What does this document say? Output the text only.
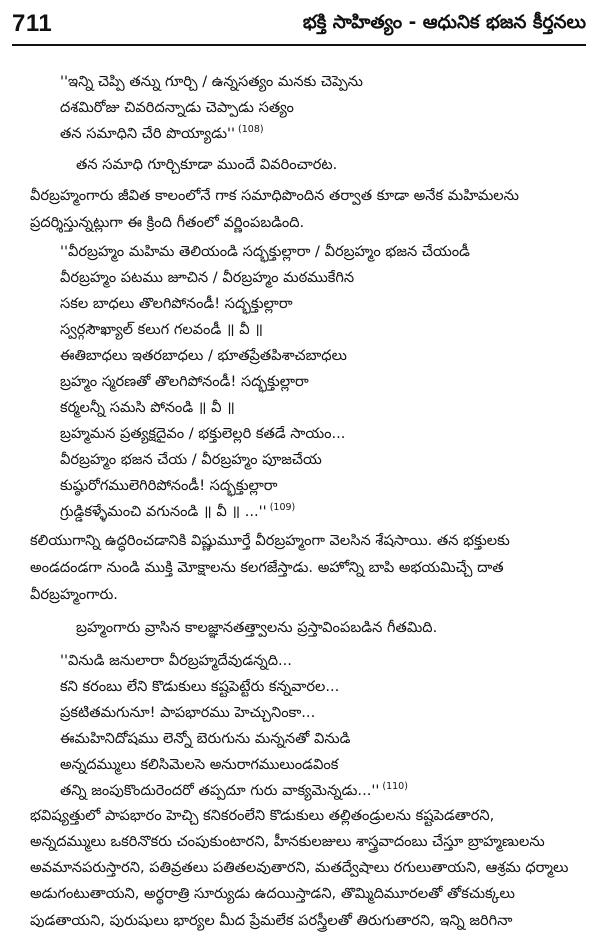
711	భక్తి సాహిత్యం - ఆధునిక భజన కీర్తనలు
''ఇన్ని చెప్పి తన్ను గూర్చి / ఉన్నసత్యం మనకు చెప్పెను
దశమిరోజు చివరిదన్నాడు చెప్పాడు సత్యం
తన సమాధిని చేరి పొయ్యాడు'' $^{(108)}$
తన సమాధి గూర్చికూడా ముందే వివరించారట.
వీరబ్రహ్మంగారు జీవిత కాలంలోనే గాక సమాధిపొందిన తర్వాత కూడా అనేక మహిమలను
ప్రదర్శిస్తున్నట్లుగా ఈ క్రింది గీతంలో వర్ణింపబడింది.
''వీరబ్రహ్మం మహిమ తెలియండి సద్భక్తుల్లారా / వీరబ్రహ్మం భజన చేయండీ
వీరబ్రహ్మం పటము జూచిన / వీరబ్రహ్మం మఠముకేగిన
సకల బాధలు తొలగిపోనండీ! సద్భక్తుల్లారా
స్వర్గసౌఖ్యాల్ కలుగ గలవండీ ॥ వీ ॥
ఈతిబాధలు ఇతరబాధలు / భూతప్రేతపిశాచబాధలు
బ్రహ్మం స్మరణతో తొలగిపోనండీ! సద్భక్తుల్లారా
కర్మలన్నీ సమసి పోనండి ॥ వీ ॥
బ్రహ్మమన ప్రత్యక్షదైవం / భక్తులెల్లరి కతడే సాయం...
వీరబ్రహ్మం భజన చేయ / వీరబ్రహ్మం పూజచేయ
కుష్ఠురోగములెగిరిపోనండీ! సద్భక్తుల్లారా
గ్రుడ్డికళ్ళేమంచి వగునండి ॥ వీ ॥ ...'' $^{(109)}$
కలియుగాన్ని ఉద్ధరించడానికి విష్ణుమూర్తే వీరబ్రహ్మంగా వెలసిన శేషసాయి. తన భక్తులకు
అండదండగా నుండి ముక్తి మోక్షాలను కలగజేస్తాడు. అహోన్ని బాపి అభయమిచ్చే దాత
వీరబ్రహ్మంగారు.
బ్రహ్మంగారు వ్రాసిన కాలజ్ఞానతత్త్వాలను ప్రస్తావింపబడిన గీతమిది.
''వినుడి జనులారా వీరబ్రహ్మదేవుడన్నది...
కని కరంబు లేని కొడుకులు కష్టపెట్టేరు కన్నవారల...
ప్రకటితమగునూ! పాపభారము హెచ్చునింకా...
ఈమహినిదోషము లెన్నో బెరుగును మన్ననతో వినుడి
అన్నదమ్ములు కలిసిమెలసె అనురాగములుండవింక
తన్ని జంపుకొందురెందరో తప్పదూ గురు వాక్యమెన్నడు...'' $^{(110)}$
భవిష్యత్తులో పాపభారం హెచ్చి కనికరంలేని కొడుకులు తల్లితండ్రులను కష్టపెడతారని,
అన్నదమ్ములు ఒకరినొకరు చంపుకుంటారని, హీనకులజులు శాస్త్రవాదంబు చేస్తూ బ్రాహ్మణులను
అవమానపరుస్తారని, పతివ్రతలు పతితలవుతారని, మతద్వేషాలు రగులుతాయని, ఆశ్రమ ధర్మాలు
అడుగంటుతాయని, అర్థరాత్రి సూర్యుడు ఉదయిస్తాడని, తొమ్మిదిమూరలతో తోకచుక్కలు
పుడతాయని, పురుషులు భార్యల మీద ప్రేమలేక పరస్త్రీలతో తిరుగుతారని, ఇన్ని జరిగినా
